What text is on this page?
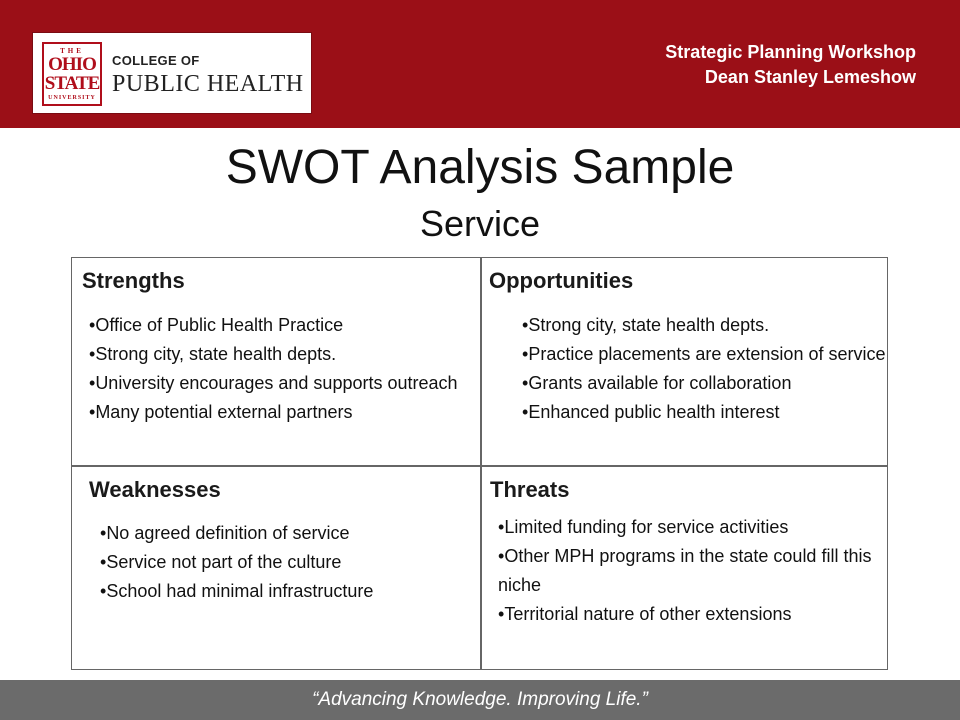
THE
OHIO
STATE
UNIVERSITY
COLLEGE OF
PUBLIC HEALTH
Strategic Planning Workshop
Dean Stanley Lemeshow
SWOT Analysis Sample
Service
Strengths
• Office of Public Health Practice
• Strong city, state health depts.
• University encourages and supports outreach
• Many potential external partners
Opportunities
• Strong city, state health depts.
• Practice placements are extension of service
• Grants available for collaboration
• Enhanced public health interest
Weaknesses
• No agreed definition of service
• Service not part of the culture
• School had minimal infrastructure
Threats
• Limited funding for service activities
• Other MPH programs in the state could fill this niche
• Territorial nature of other extensions
“Advancing Knowledge. Improving Life.”
